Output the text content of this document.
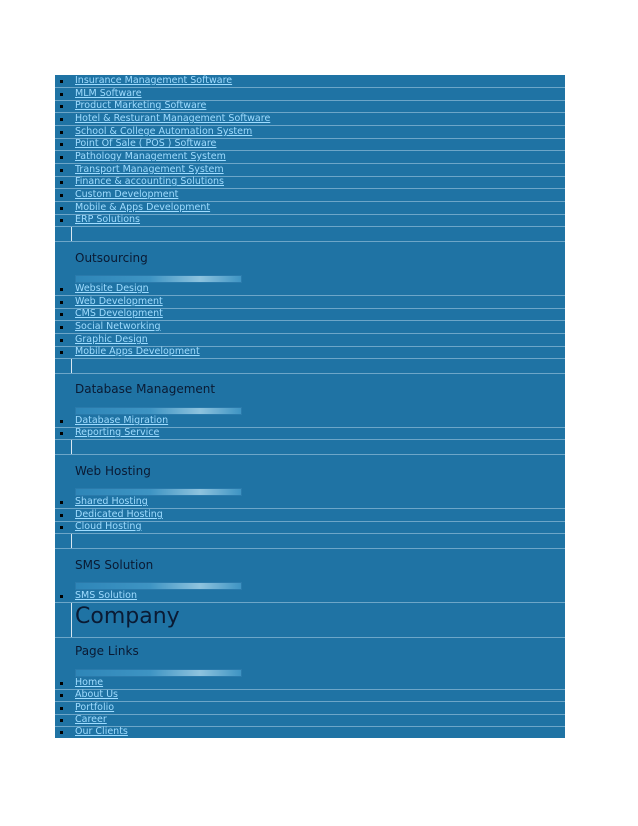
Insurance Management Software
MLM Software
Product Marketing Software
Hotel & Resturant Management Software
School & College Automation System
Point Of Sale ( POS ) Software
Pathology Management System
Transport Management System
Finance & accounting Solutions
Custom Development
Mobile & Apps Development
ERP Solutions
Outsourcing
Website Design
Web Development
CMS Development
Social Networking
Graphic Design
Mobile Apps Development
Database Management
Database Migration
Reporting Service
Web Hosting
Shared Hosting
Dedicated Hosting
Cloud Hosting
SMS Solution
SMS Solution
Company
Page Links
Home
About Us
Portfolio
Career
Our Clients
